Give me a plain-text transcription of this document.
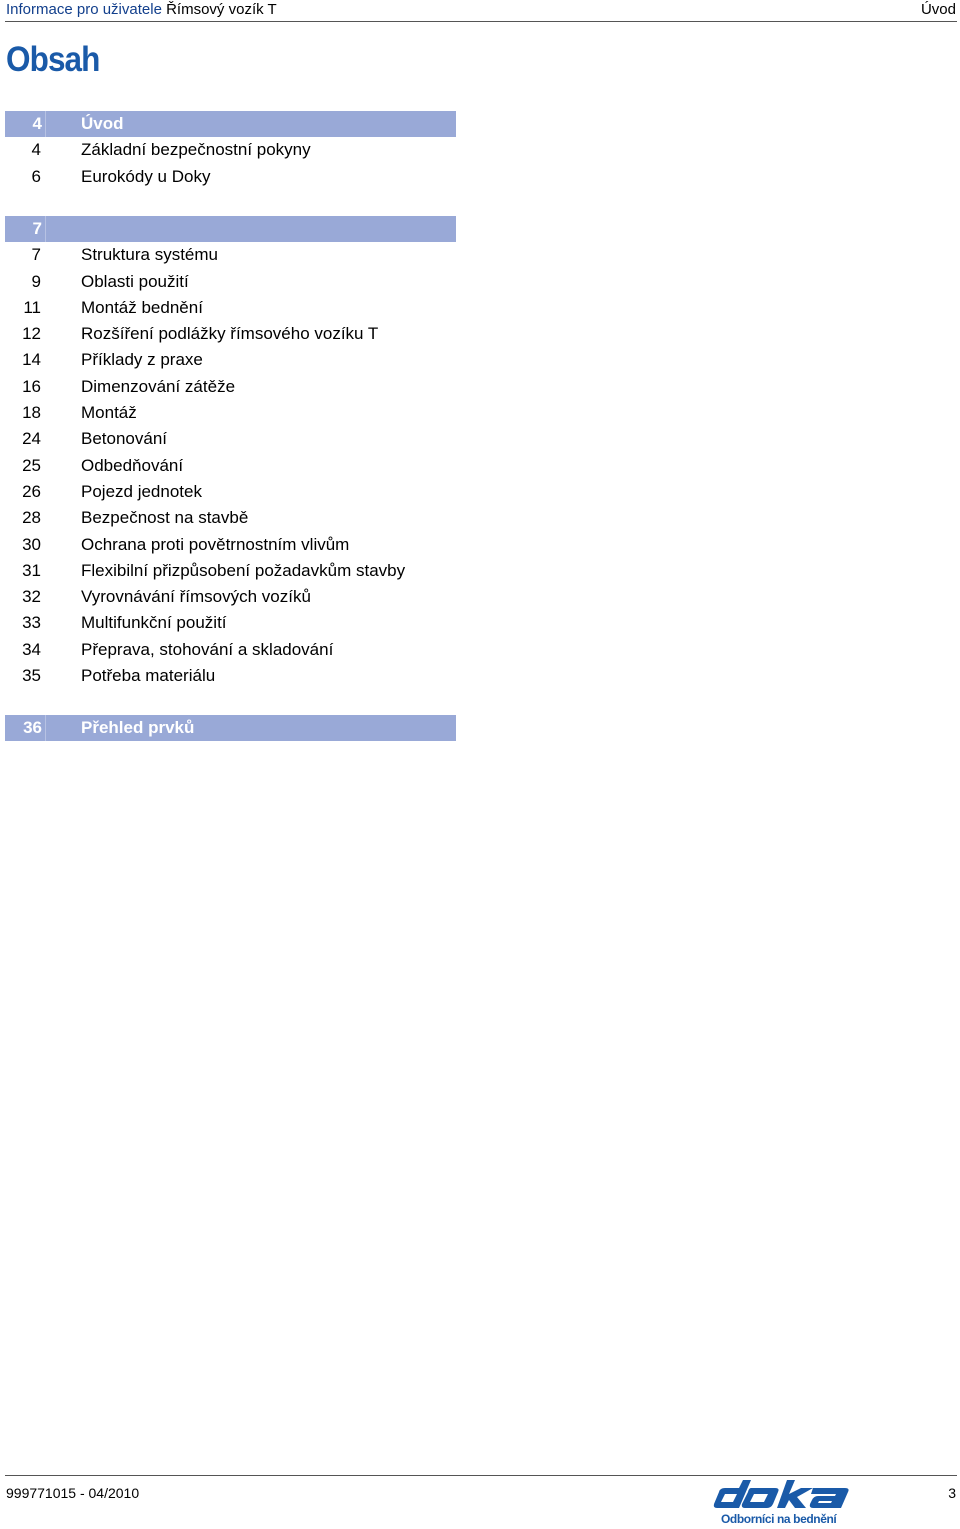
Informace pro uživatele Římsový vozík T	Úvod
Obsah
4 Úvod
4 Základní bezpečnostní pokyny
6 Eurokódy u Doky
7
7 Struktura systému
9 Oblasti použití
11 Montáž bednění
12 Rozšíření podlážky římsového vozíku T
14 Příklady z praxe
16 Dimenzování zátěže
18 Montáž
24 Betonování
25 Odbedňování
26 Pojezd jednotek
28 Bezpečnost na stavbě
30 Ochrana proti povětrnostním vlivům
31 Flexibilní přizpůsobení požadavkům stavby
32 Vyrovnávání římsových vozíků
33 Multifunkční použití
34 Přeprava, stohování a skladování
35 Potřeba materiálu
36 Přehled prvků
999771015 - 04/2010
Odborníci na bednění
3
